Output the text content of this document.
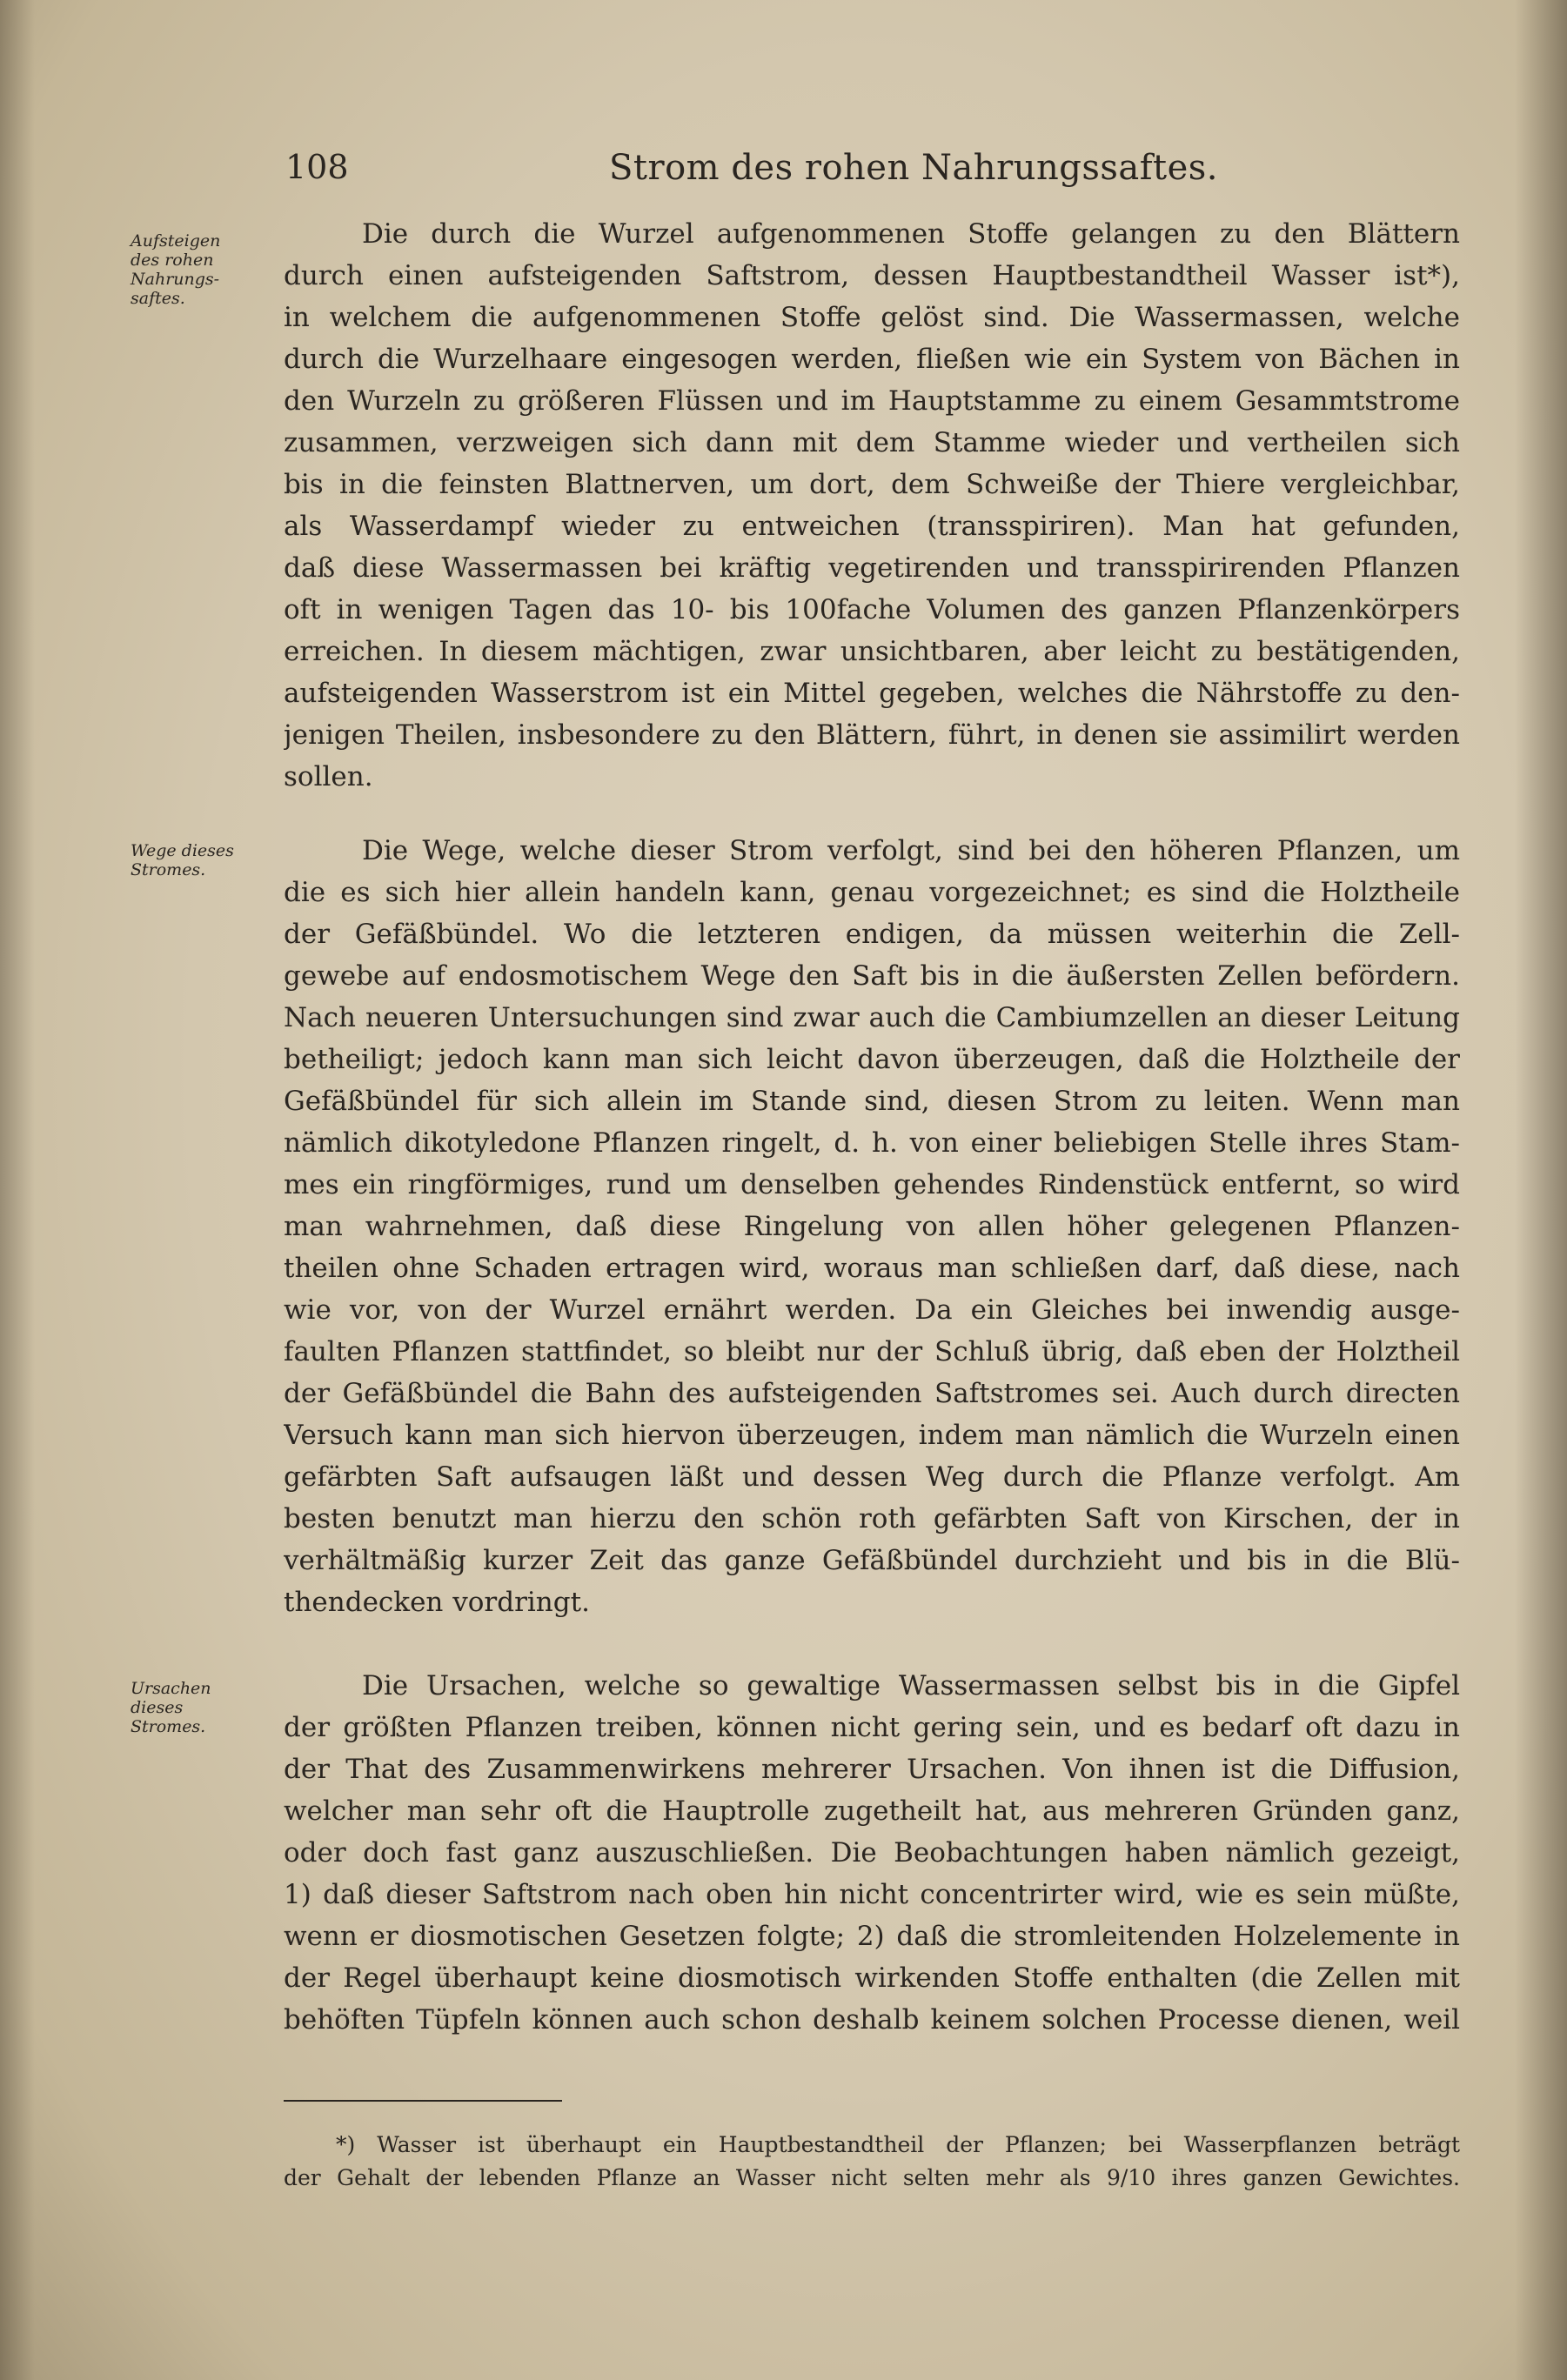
108	Strom des rohen Nahrungssaftes.
Aufsteigen
des rohen
Nahrungs-
saftes.
Wege dieses
Stromes.
Ursachen
dieses
Stromes.
Die durch die Wurzel aufgenommenen Stoffe gelangen zu den Blättern
durch einen aufsteigenden Saftstrom, dessen Hauptbestandtheil Wasser ist*),
in welchem die aufgenommenen Stoffe gelöst sind. Die Wassermassen, welche
durch die Wurzelhaare eingesogen werden, fließen wie ein System von Bächen in
den Wurzeln zu größeren Flüssen und im Hauptstamme zu einem Gesammtstrome
zusammen, verzweigen sich dann mit dem Stamme wieder und vertheilen sich
bis in die feinsten Blattnerven, um dort, dem Schweiße der Thiere vergleichbar,
als Wasserdampf wieder zu entweichen (transspiriren). Man hat gefunden,
daß diese Wassermassen bei kräftig vegetirenden und transspirirenden Pflanzen
oft in wenigen Tagen das 10- bis 100fache Volumen des ganzen Pflanzenkörpers
erreichen. In diesem mächtigen, zwar unsichtbaren, aber leicht zu bestätigenden,
aufsteigenden Wasserstrom ist ein Mittel gegeben, welches die Nährstoffe zu den-
jenigen Theilen, insbesondere zu den Blättern, führt, in denen sie assimilirt werden
sollen.
Die Wege, welche dieser Strom verfolgt, sind bei den höheren Pflanzen, um
die es sich hier allein handeln kann, genau vorgezeichnet; es sind die Holztheile
der Gefäßbündel. Wo die letzteren endigen, da müssen weiterhin die Zell-
gewebe auf endosmotischem Wege den Saft bis in die äußersten Zellen befördern.
Nach neueren Untersuchungen sind zwar auch die Cambiumzellen an dieser Leitung
betheiligt; jedoch kann man sich leicht davon überzeugen, daß die Holztheile der
Gefäßbündel für sich allein im Stande sind, diesen Strom zu leiten. Wenn man
nämlich dikotyledone Pflanzen ringelt, d. h. von einer beliebigen Stelle ihres Stam-
mes ein ringförmiges, rund um denselben gehendes Rindenstück entfernt, so wird
man wahrnehmen, daß diese Ringelung von allen höher gelegenen Pflanzen-
theilen ohne Schaden ertragen wird, woraus man schließen darf, daß diese, nach
wie vor, von der Wurzel ernährt werden. Da ein Gleiches bei inwendig ausge-
faulten Pflanzen stattfindet, so bleibt nur der Schluß übrig, daß eben der Holztheil
der Gefäßbündel die Bahn des aufsteigenden Saftstromes sei. Auch durch directen
Versuch kann man sich hiervon überzeugen, indem man nämlich die Wurzeln einen
gefärbten Saft aufsaugen läßt und dessen Weg durch die Pflanze verfolgt. Am
besten benutzt man hierzu den schön roth gefärbten Saft von Kirschen, der in
verhältmäßig kurzer Zeit das ganze Gefäßbündel durchzieht und bis in die Blü-
thendecken vordringt.
Die Ursachen, welche so gewaltige Wassermassen selbst bis in die Gipfel
der größten Pflanzen treiben, können nicht gering sein, und es bedarf oft dazu in
der That des Zusammenwirkens mehrerer Ursachen. Von ihnen ist die Diffusion,
welcher man sehr oft die Hauptrolle zugetheilt hat, aus mehreren Gründen ganz,
oder doch fast ganz auszuschließen. Die Beobachtungen haben nämlich gezeigt,
1) daß dieser Saftstrom nach oben hin nicht concentrirter wird, wie es sein müßte,
wenn er diosmotischen Gesetzen folgte; 2) daß die stromleitenden Holzelemente in
der Regel überhaupt keine diosmotisch wirkenden Stoffe enthalten (die Zellen mit
behöften Tüpfeln können auch schon deshalb keinem solchen Processe dienen, weil
*) Wasser ist überhaupt ein Hauptbestandtheil der Pflanzen; bei Wasserpflanzen beträgt
der Gehalt der lebenden Pflanze an Wasser nicht selten mehr als 9/10 ihres ganzen Gewichtes.
